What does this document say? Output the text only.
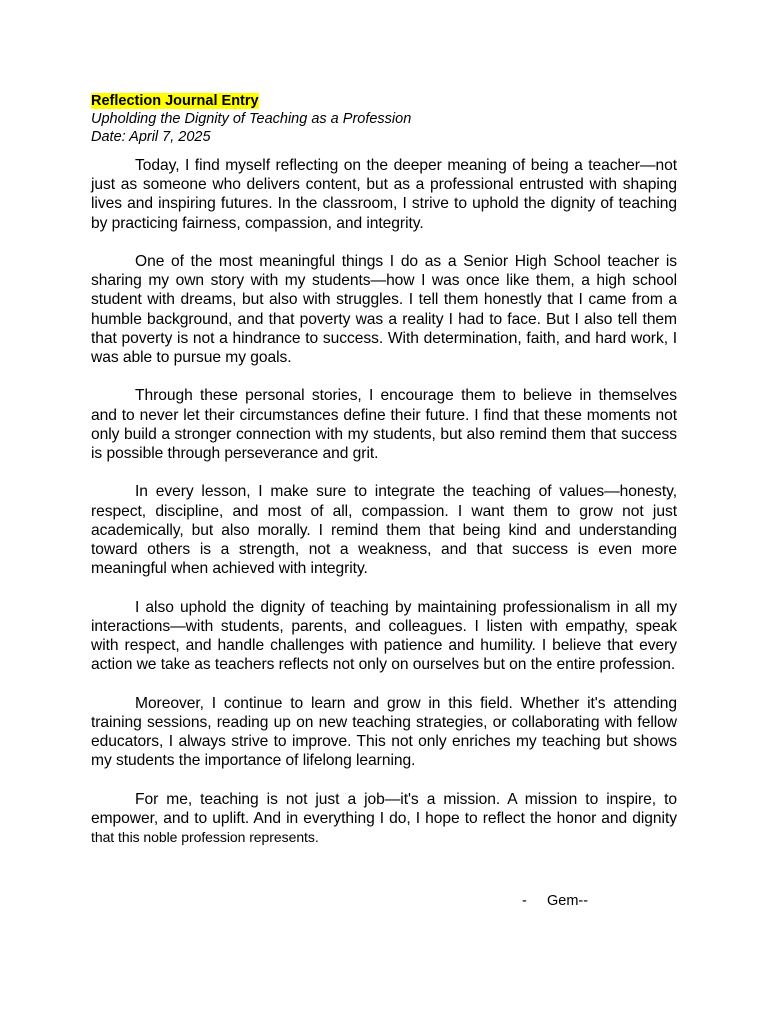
Reflection Journal Entry

Upholding the Dignity of Teaching as a Profession

Date: April 7, 2025

Today, I find myself reflecting on the deeper meaning of being a teacher—not just as someone who delivers content, but as a professional entrusted with shaping lives and inspiring futures. In the classroom, I strive to uphold the dignity of teaching by practicing fairness, compassion, and integrity.

One of the most meaningful things I do as a Senior High School teacher is sharing my own story with my students—how I was once like them, a high school student with dreams, but also with struggles. I tell them honestly that I came from a humble background, and that poverty was a reality I had to face. But I also tell them that poverty is not a hindrance to success. With determination, faith, and hard work, I was able to pursue my goals.

Through these personal stories, I encourage them to believe in themselves and to never let their circumstances define their future. I find that these moments not only build a stronger connection with my students, but also remind them that success is possible through perseverance and grit.

In every lesson, I make sure to integrate the teaching of values—honesty, respect, discipline, and most of all, compassion. I want them to grow not just academically, but also morally. I remind them that being kind and understanding toward others is a strength, not a weakness, and that success is even more meaningful when achieved with integrity.

I also uphold the dignity of teaching by maintaining professionalism in all my interactions—with students, parents, and colleagues. I listen with empathy, speak with respect, and handle challenges with patience and humility. I believe that every action we take as teachers reflects not only on ourselves but on the entire profession.

Moreover, I continue to learn and grow in this field. Whether it's attending training sessions, reading up on new teaching strategies, or collaborating with fellow educators, I always strive to improve. This not only enriches my teaching but shows my students the importance of lifelong learning.

For me, teaching is not just a job—it's a mission. A mission to inspire, to empower, and to uplift. And in everything I do, I hope to reflect the honor and dignity that this noble profession represents.

-     Gem--
